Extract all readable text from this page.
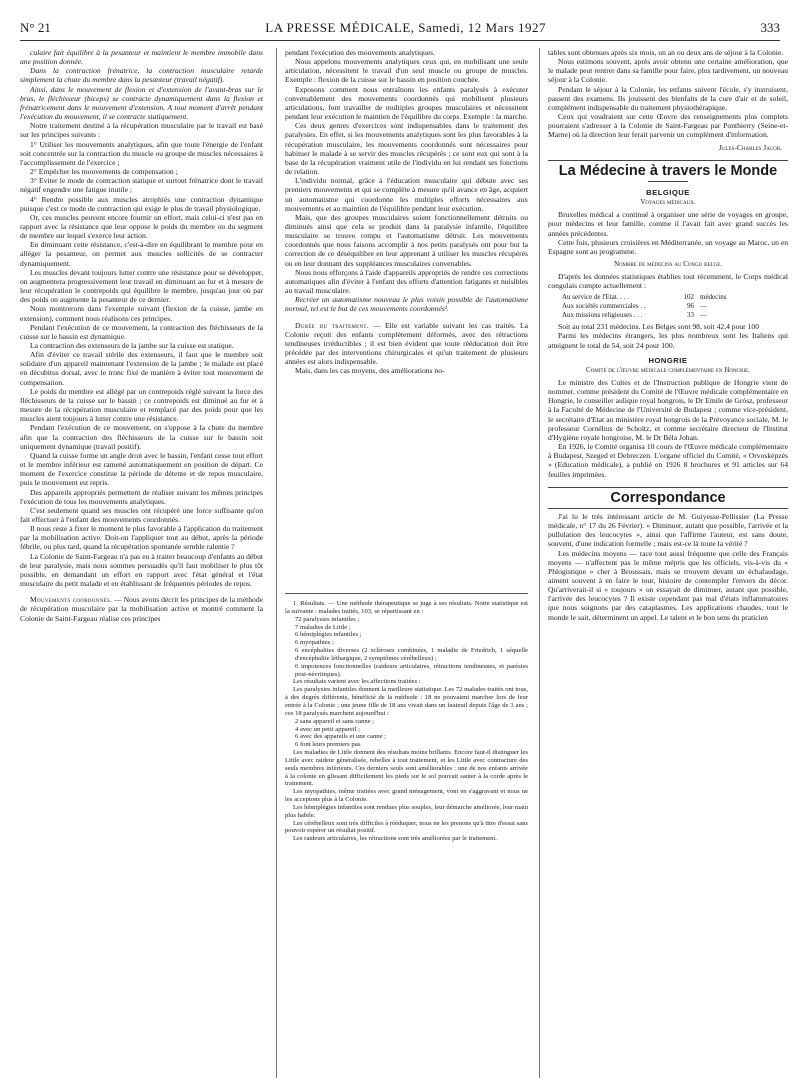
N° 21	LA PRESSE MÉDICALE, Samedi, 12 Mars 1927	333

culaire fait équilibre à la pesanteur et maintient le membre immobile dans une position donnée.

Dans la contraction frénatrice, la contraction musculaire retarde simplement la chute du membre dans la pesanteur (travail négatif).

Ainsi, dans le mouvement de flexion et d'extension de l'avant-bras sur le bras, le fléchisseur (biceps) se contracte dynamiquement dans la flexion et frénatricement dans le mouvement d'extension. A tout moment d'arrêt pendant l'exécution du mouvement, il se contracte statiquement.

Notre traitement destiné à la récupération musculaire par le travail est basé sur les principes suivants :

1° Utiliser les mouvements analytiques, afin que toute l'énergie de l'enfant soit concentrée sur la contraction du muscle ou groupe de muscles nécessaires à l'accomplissement de l'exercice ;

2° Empêcher les mouvements de compensation ;

3° Eviter le mode de contraction statique et surtout frénatrice dont le travail négatif engendre une fatigue inutile ;

4° Rendre possible aux muscles atrophiés une contraction dynamique puisque c'est ce mode de contraction qui exige le plus de travail physiologique.

Or, ces muscles peuvent encore fournir un effort, mais celui-ci n'est pas en rapport avec la résistance que leur oppose le poids du membre ou du segment de membre sur lequel s'exerce leur action.

En diminuant cette résistance, c'est-à-dire en équilibrant le membre pour en alléger la pesanteur, on permet aux muscles sollicités de se contracter dynamiquement.

Les muscles devant toujours lutter contre une résistance pour se développer, on augmentera progressivement leur travail en diminuant au fur et à mesure de leur récupération le contrepoids qui équilibre le membre, jusqu'au jour où par des poids on augmente la pesanteur de ce dernier.

Nous montrerons dans l'exemple suivant (flexion de la cuisse, jambe en extension), comment nous réalisons ces principes.

Pendant l'exécution de ce mouvement, la contraction des fléchisseurs de la cuisse sur le bassin est dynamique.

La contraction des extenseurs de la jambe sur la cuisse est statique.

Afin d'éviter ce travail stérile des extenseurs, il faut que le membre soit solidaire d'un appareil maintenant l'extension de la jambe ; le malade est placé en décubitus dorsal, avec le tronc fixé de manière à éviter tout mouvement de compensation.

Le poids du membre est allégé par un contrepoids réglé suivant la force des fléchisseurs de la cuisse sur le bassin ; ce contrepoids est diminué au fur et à mesure de la récupération musculaire et remplacé par des poids pour que les muscles aient toujours à lutter contre une résistance.

Pendant l'exécution de ce mouvement, on s'oppose à la chute du membre afin que la contraction des fléchisseurs de la cuisse sur le bassin soit uniquement dynamique (travail positif).

Quand la cuisse forme un angle droit avec le bassin, l'enfant cesse tout effort et le membre inférieur est ramené automatiquement en position de départ. Ce moment de l'exercice constitue la période de détente et de repos musculaire, puis le mouvement est repris.

Des appareils appropriés permettent de réaliser suivant les mêmes principes l'exécution de tous les mouvements analytiques.

C'est seulement quand ses muscles ont récupéré une force suffisante qu'on fait effectuer à l'enfant des mouvements coordonnés.

Il nous reste à fixer le moment le plus favorable à l'application du traitement par la mobilisation active. Doit-on l'appliquer tout au début, après la période fébrile, ou plus tard, quand la récupération spontanée semble ralentie ?

La Colonie de Saint-Fargeau n'a pas eu à traiter beaucoup d'enfants au début de leur paralysie, mais nous sommes persuadés qu'il faut mobiliser le plus tôt possible, en demandant un effort en rapport avec l'état général et l'état musculaire du petit malade et en établissant de fréquentes périodes de repos.

Mouvements coordonnés. — Nous avons décrit les principes de la méthode de récupération musculaire par la mobilisation active et montré comment la Colonie de Saint-Fargeau réalise ces principes

pendant l'exécution des mouvements analytiques.

Nous appelons mouvements analytiques ceux qui, en mobilisant une seule articulation, nécessitent le travail d'un seul muscle ou groupe de muscles. Exemple : flexion de la cuisse sur le bassin en position couchée.

Exposons comment nous entraînons les enfants paralysés à exécuter convenablement des mouvements coordonnés qui mobilisent plusieurs articulations, font travailler de multiples groupes musculaires et nécessitent pendant leur exécution le maintien de l'équilibre du corps. Exemple : la marche.

Ces deux genres d'exercices sont indispensables dans le traitement des paralysies. En effet, si les mouvements analytiques sont les plus favorables à la récupération musculaire, les mouvements coordonnés sont nécessaires pour habituer le malade à se servir des muscles récupérés ; ce sont eux qui sont à la base de la récupération vraiment utile de l'individu en lui rendant ses fonctions de relation.

L'individu normal, grâce à l'éducation musculaire qui débute avec ses premiers mouvements et qui se complète à mesure qu'il avance en âge, acquiert un automatisme qui coordonne les multiples efforts nécessaires aux mouvements et au maintien de l'équilibre pendant leur exécution.

Mais, que des groupes musculaires soient fonctionnellement détruits ou diminués ainsi que cela se produit dans la paralysie infantile, l'équilibre musculaire se trouve rompu et l'automatisme détruit. Les mouvements coordonnés que nous faisons accomplir à nos petits paralysés ont pour but la correction de ce déséquilibre en leur apprenant à utiliser les muscles récupérés ou en leur donnant des suppléances musculaires convenables.

Nous nous efforçons à l'aide d'appareils appropriés de rendre ces corrections automatiques afin d'éviter à l'enfant des efforts d'attention fatigants et nuisibles au travail musculaire.

Recréer un automatisme nouveau le plus voisin possible de l'automatisme normal, tel est le but de ces mouvements coordonnés¹.

Durée du traitement. — Elle est variable suivant les cas traités. La Colonie reçoit des enfants complètement déformés, avec des rétractions tendineuses irréductibles ; il est bien évident que toute rééducation doit être précédée par des interventions chirurgicales et qu'un traitement de plusieurs années est alors indispensable.

Mais, dans les cas moyens, des améliorations no-

1. Résultats. — Une méthode thérapeutique se juge à ses résultats. Notre statistique est la suivante : malades traités, 103, se répartissant en :

72 paralysies infantiles ;

7 maladies de Little ;

6 hémiplégies infantiles ;

6 myopathies ;

6 encéphalites diverses (2 scléroses combinées, 1 maladie de Friedrich, 1 séquelle d'encéphalite léthargique, 2 symptômes cérébelleux) ;

6 impotences fonctionnelles (raideurs articulaires, rétractions tendineuses, et parésies post-névritiques).

Les résultats varient avec les affections traitées :

Les paralysies infantiles donnent la meilleure statistique. Les 72 malades traités ont tous, à des degrés différents, bénéficié de la méthode : 18 ne pouvaient marcher lors de leur entrée à la Colonie ; une jeune fille de 18 ans vivait dans un fauteuil depuis l'âge de 3 ans ; ces 18 paralysés marchent aujourd'hui :

2 sans appareil et sans canne ;

4 avec un petit appareil ;

6 avec des appareils et une canne ;

6 font leurs premiers pas.

Les maladies de Little donnent des résultats moins brillants. Encore faut-il distinguer les Little avec raideur généralisée, rebelles à tout traitement, et les Little avec contracture des seuls membres inférieurs. Ces derniers seuls sont améliorables : une de nos enfants arrivée à la colonie en glissant difficilement les pieds sur le sol pouvait sauter à la corde après le traitement.

Les myopathies, même traitées avec grand ménagement, vont en s'aggravant et nous ne les acceptons plus à la Colonie.

Les hémiplégies infantiles sont rendues plus souples, leur démarche améliorée, leur main plus habile.

Les cérébelleux sont très difficiles à rééduquer, nous ne les prenons qu'à titre d'essai sans pouvoir espérer un résultat positif.

Les raideurs articulaires, les rétractions sont très améliorées par le traitement.

tables sont obtenues après six mois, un an ou deux ans de séjour à la Colonie.

Nous estimons souvent, après avoir obtenu une certaine amélioration, que le malade peut rentrer dans sa famille pour faire, plus tardivement, un nouveau séjour à la Colonie.

Pendant le séjour à la Colonie, les enfants suivent l'école, s'y instruisent, passent des examens. Ils jouissent des bienfaits de la cure d'air et de soleil, complément indispensable du traitement physiothérapique.

Ceux qui voudraient sur cette Œuvre des renseignements plus complets pourraient s'adresser à la Colonie de Saint-Fargeau par Ponthierry (Seine-et-Marne) où la direction leur ferait parvenir un complément d'information.

Jules-Charles Jacob.
La Médecine à travers le Monde
BELGIQUE
Voyages médicaux.

Bruxelles médical a continué à organiser une série de voyages en groupe, pour médecins et leur famille, comme il l'avait fait avec grand succès les années précédentes.

Cette fois, plusieurs croisières en Méditerranée, un voyage au Maroc, un en Espagne sont au programme.

Nombre de médecins au Congo belge.

D'après les données statistiques établies tout récemment, le Corps médical congolais compte actuellement :

Au service de l'Etat. . . .	102 médecins
Aux sociétés commerciales . .	96 —
Aux missions religieuses . . .	33 —

Soit au total 231 médecins. Les Belges sont 98, soit 42,4 pour 100

Parmi les médecins étrangers, les plus nombreux sont les Italiens qui atteignent le total de 54, soit 24 pour 100.

HONGRIE
Comité de l'œuvre médicale complémentaire en Hongrie.

Le ministre des Cultes et de l'Instruction publique de Hongrie vient de nommer, comme président du Comité de l'Œuvre médicale complémentaire en Hongrie, le conseiller aulique royal hongrois, le Dr Emile de Grósz, professeur à la Faculté de Médecine de l'Université de Budapest ; comme vice-président, le secrétaire d'Etat au ministère royal hongrois de la Prévoyance sociale, M. le professeur Cornélius de Scholtz, et comme secrétaire directeur de l'Institut d'Hygiène royale hongroise, M. le Dr Béla Johan.

En 1926, le Comité organisa 10 cours de l'Œuvre médicale complémentaire à Budapest, Szeged et Debreczen. L'organe officiel du Comité, « Orvosképzés » (Education médicale), a publié en 1926 8 brochures et 91 articles sur 64 feuilles imprimées.

Correspondance

J'ai lu le très intéressant article de M. Guiyesse-Pellissier (La Presse médicale, n° 17 du 26 Février). « Diminuer, autant que possible, l'arrivée et la pullulation des leucocytes », ainsi que l'affirme l'auteur, est sans doute, souvent, d'une indication formelle ; mais est-ce là toute la vérité ?

Les médecins moyens — race tout aussi fréquente que celle des Français moyens — n'affectent pas le même mépris que les officiels, vis-à-vis du « Phlogistique » cher à Broussais, mais se trouvent devant un échafaudage, aiment souvent à en faire le tour, histoire de contempler l'envers du décor. Qu'arriverait-il si « toujours » on essayait de diminuer, autant que possible, l'arrivée des leucocytes ? Il existe cependant pas mal d'états inflammatoires que nous soignons par des cataplasmes. Les applications chaudes, tout le monde le sait, déterminent un appel. Le talent et le bon sens du praticien
